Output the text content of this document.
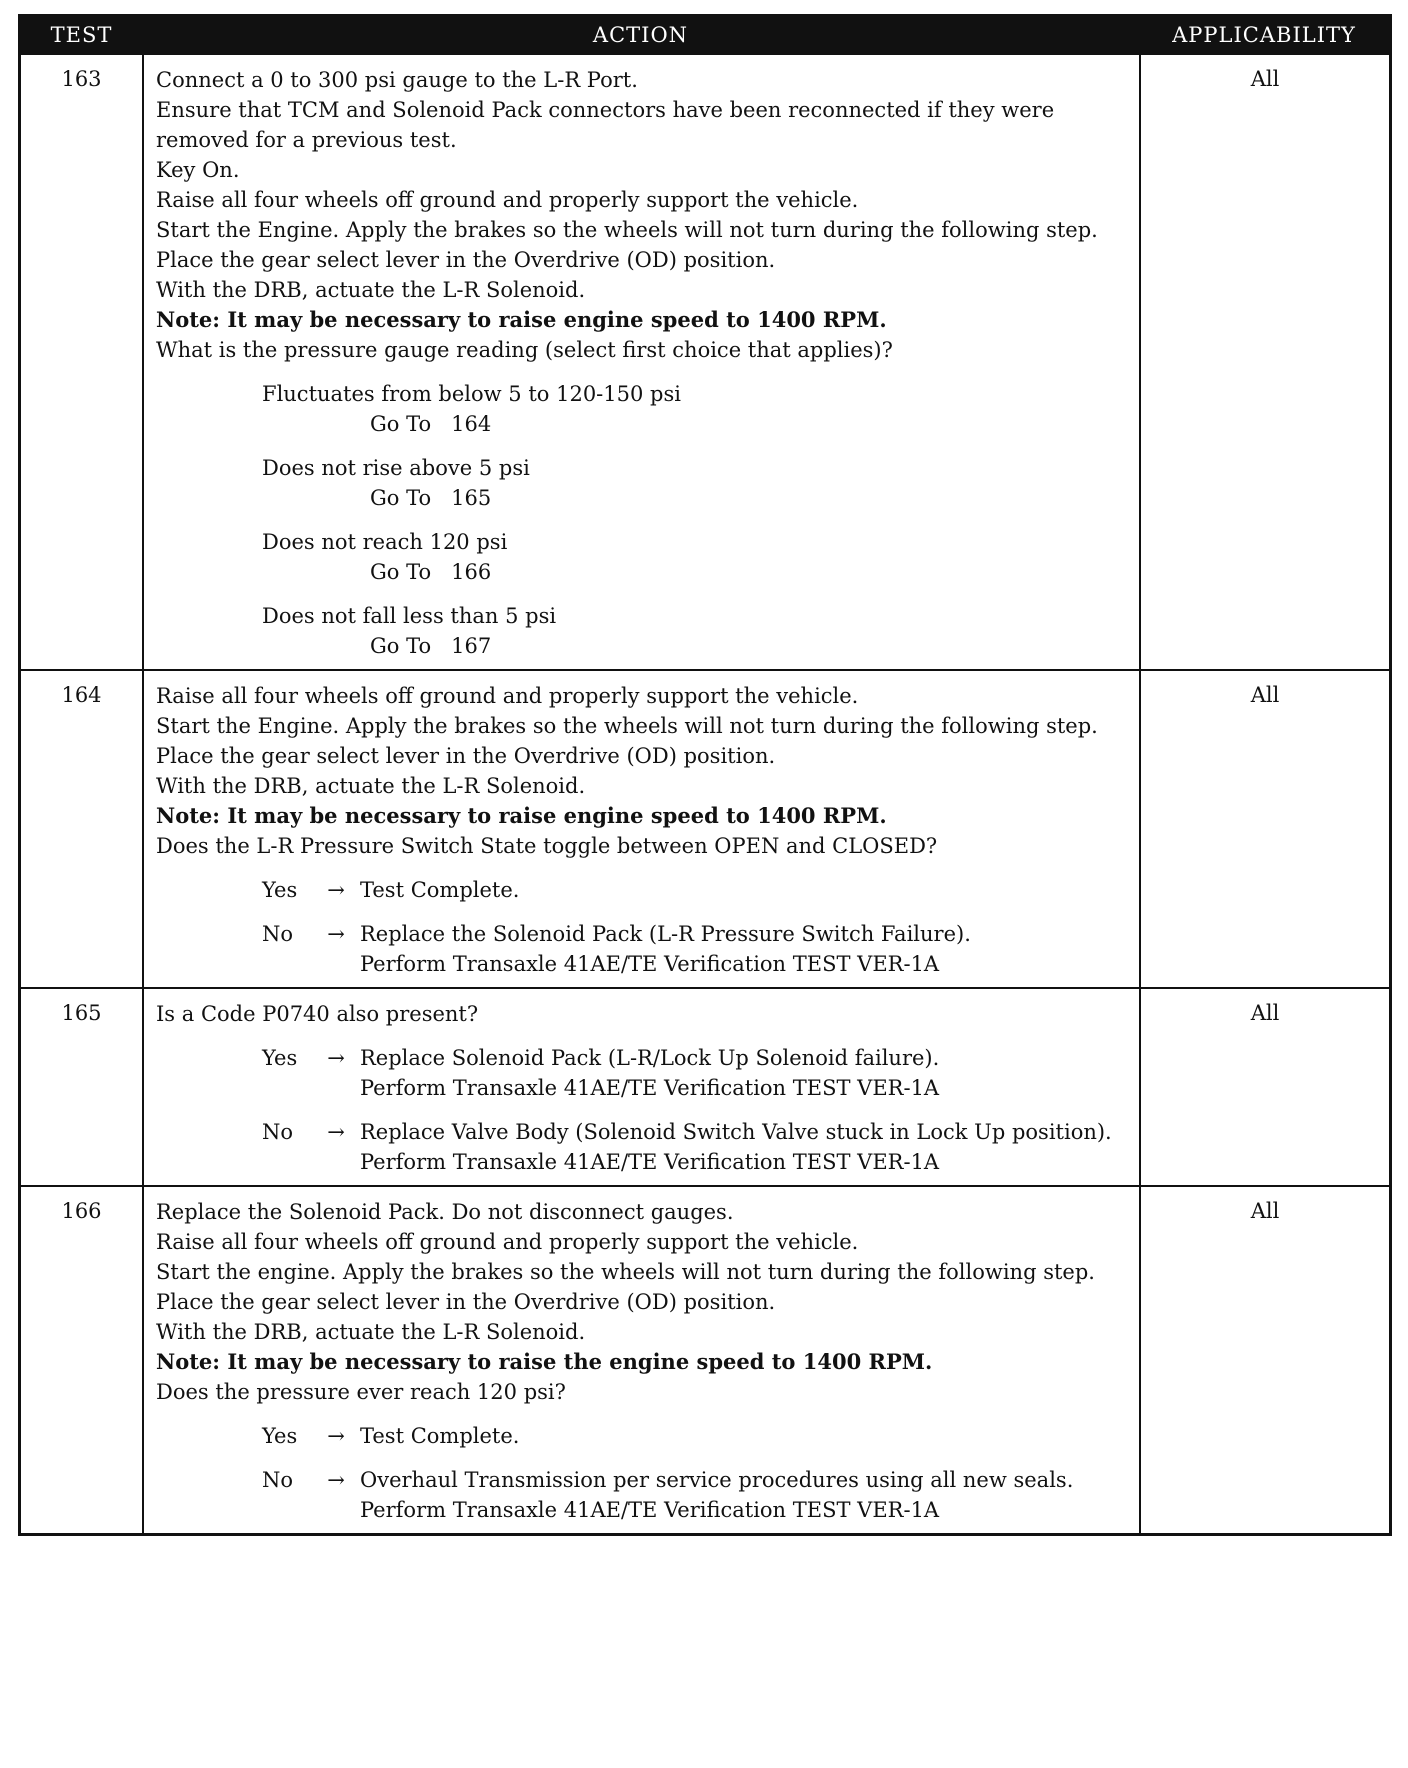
TEST	ACTION	APPLICABILITY
163	Connect a 0 to 300 psi gauge to the L-R Port.
Ensure that TCM and Solenoid Pack connectors have been reconnected if they were removed for a previous test.
Key On.
Raise all four wheels off ground and properly support the vehicle.
Start the Engine. Apply the brakes so the wheels will not turn during the following step.
Place the gear select lever in the Overdrive (OD) position.
With the DRB, actuate the L-R Solenoid.
Note: It may be necessary to raise engine speed to 1400 RPM.
What is the pressure gauge reading (select first choice that applies)?
Fluctuates from below 5 to 120-150 psi
Go To   164
Does not rise above 5 psi
Go To   165
Does not reach 120 psi
Go To   166
Does not fall less than 5 psi
Go To   167
All
164	Raise all four wheels off ground and properly support the vehicle.
Start the Engine. Apply the brakes so the wheels will not turn during the following step.
Place the gear select lever in the Overdrive (OD) position.
With the DRB, actuate the L-R Solenoid.
Note: It may be necessary to raise engine speed to 1400 RPM.
Does the L-R Pressure Switch State toggle between OPEN and CLOSED?
Yes	→ Test Complete.
No	→ Replace the Solenoid Pack (L-R Pressure Switch Failure).
Perform Transaxle 41AE/TE Verification TEST VER-1A
All
165	Is a Code P0740 also present?
Yes	→ Replace Solenoid Pack (L-R/Lock Up Solenoid failure).
Perform Transaxle 41AE/TE Verification TEST VER-1A
No	→ Replace Valve Body (Solenoid Switch Valve stuck in Lock Up position).
Perform Transaxle 41AE/TE Verification TEST VER-1A
All
166	Replace the Solenoid Pack. Do not disconnect gauges.
Raise all four wheels off ground and properly support the vehicle.
Start the engine. Apply the brakes so the wheels will not turn during the following step.
Place the gear select lever in the Overdrive (OD) position.
With the DRB, actuate the L-R Solenoid.
Note: It may be necessary to raise the engine speed to 1400 RPM.
Does the pressure ever reach 120 psi?
Yes	→ Test Complete.
No	→ Overhaul Transmission per service procedures using all new seals.
Perform Transaxle 41AE/TE Verification TEST VER-1A
All
